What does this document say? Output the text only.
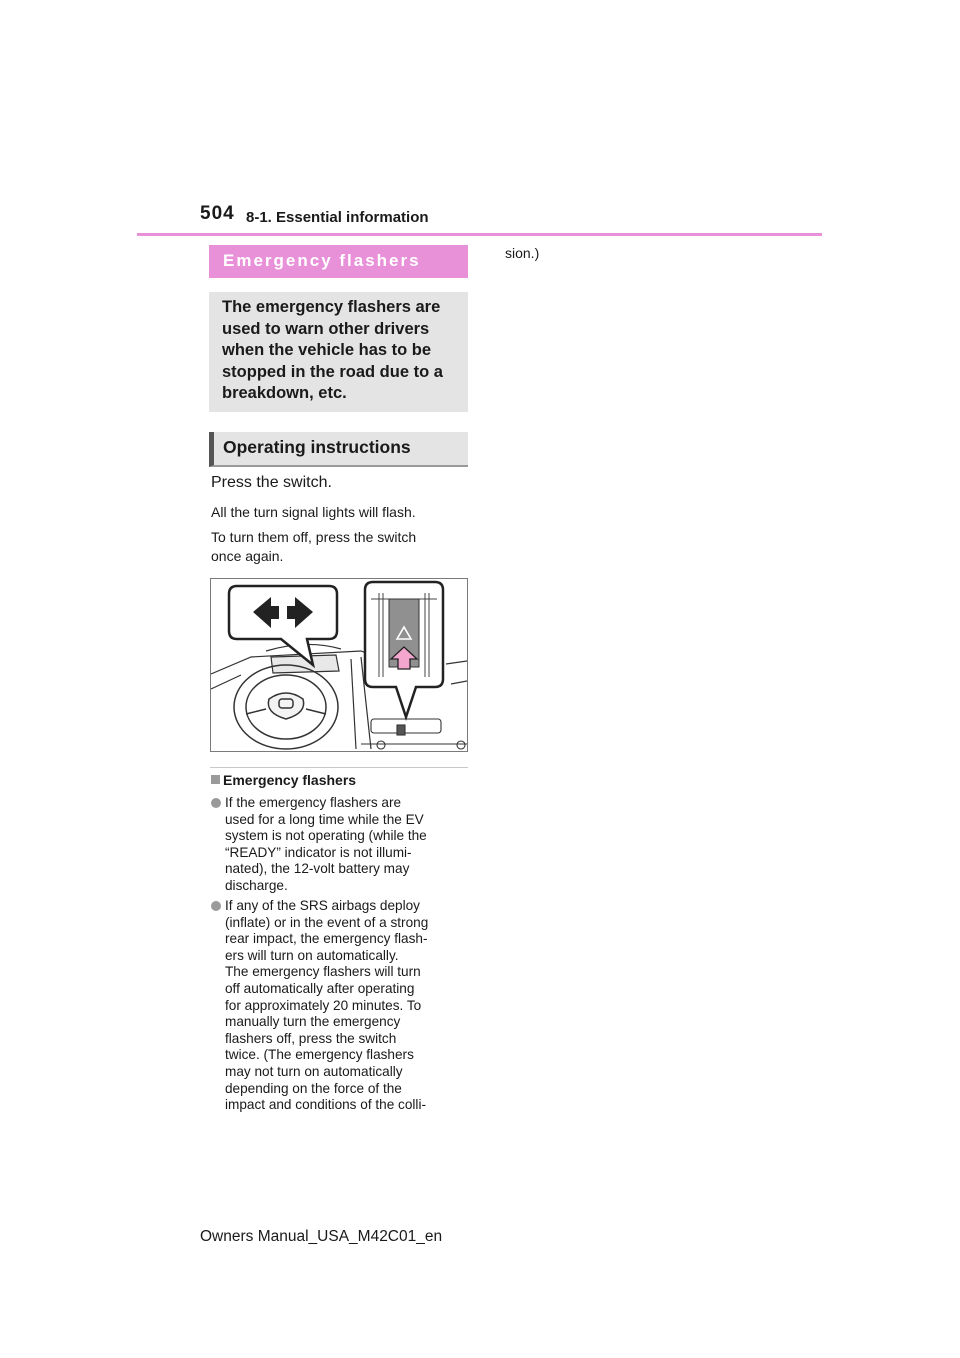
504 8-1. Essential information
Emergency flashers
The emergency flashers are
used to warn other drivers
when the vehicle has to be
stopped in the road due to a
breakdown, etc.
Operating instructions
Press the switch.
All the turn signal lights will flash.
To turn them off, press the switch
once again.
Emergency flashers
If the emergency flashers are
used for a long time while the EV
system is not operating (while the
“READY” indicator is not illumi-
nated), the 12-volt battery may
discharge.
If any of the SRS airbags deploy
(inflate) or in the event of a strong
rear impact, the emergency flash-
ers will turn on automatically.
The emergency flashers will turn
off automatically after operating
for approximately 20 minutes. To
manually turn the emergency
flashers off, press the switch
twice. (The emergency flashers
may not turn on automatically
depending on the force of the
impact and conditions of the colli-
sion.)
Owners Manual_USA_M42C01_en
